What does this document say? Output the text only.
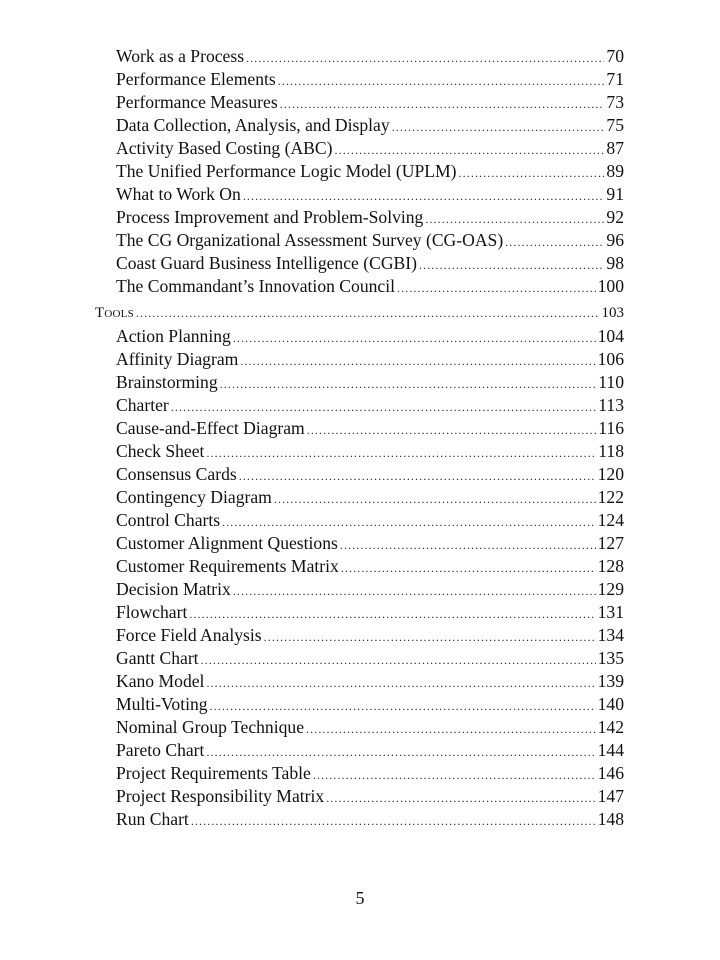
Work as a Process .....	70
Performance Elements .....	71
Performance Measures .....	73
Data Collection, Analysis, and Display .....	75
Activity Based Costing (ABC) .....	87
The Unified Performance Logic Model (UPLM) .....	89
What to Work On .....	91
Process Improvement and Problem-Solving .....	92
The CG Organizational Assessment Survey (CG-OAS) .....	96
Coast Guard Business Intelligence (CGBI) .....	98
The Commandant’s Innovation Council .....	100
Tools .....	103
Action Planning .....	104
Affinity Diagram .....	106
Brainstorming .....	110
Charter .....	113
Cause-and-Effect Diagram .....	116
Check Sheet .....	118
Consensus Cards .....	120
Contingency Diagram .....	122
Control Charts .....	124
Customer Alignment Questions .....	127
Customer Requirements Matrix .....	128
Decision Matrix .....	129
Flowchart .....	131
Force Field Analysis .....	134
Gantt Chart .....	135
Kano Model .....	139
Multi-Voting .....	140
Nominal Group Technique .....	142
Pareto Chart .....	144
Project Requirements Table .....	146
Project Responsibility Matrix .....	147
Run Chart .....	148
5
